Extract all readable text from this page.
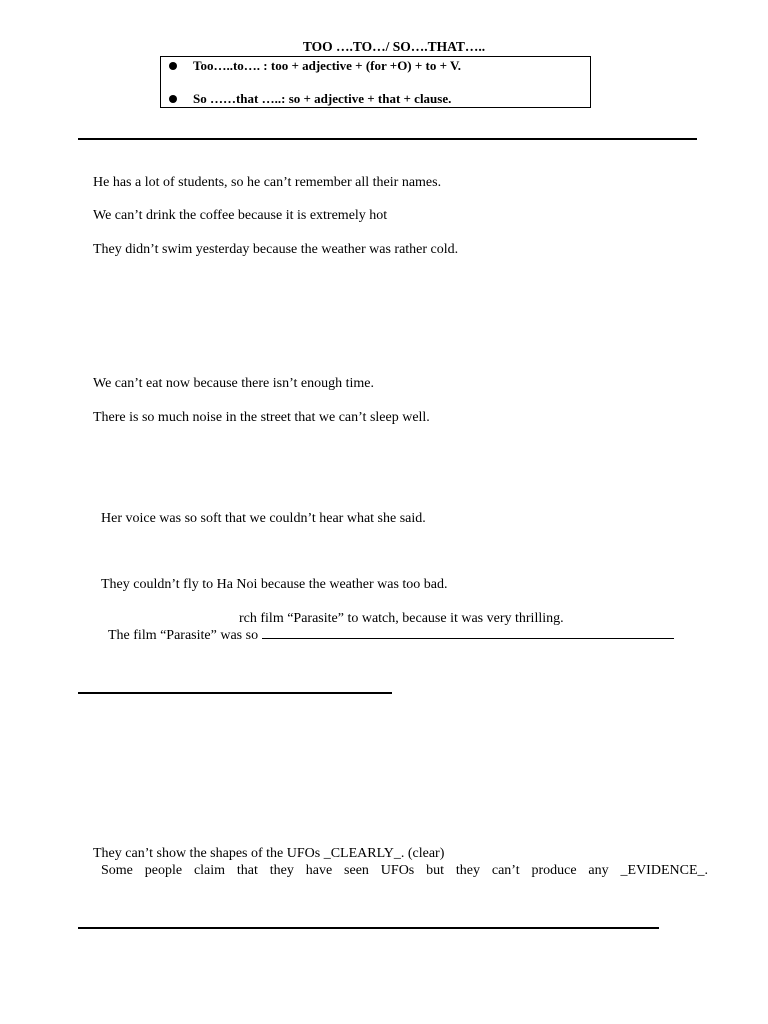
TOO ….TO…/ SO….THAT…..
Too…..to…. : too + adjective + (for +O) + to + V.
So ……that …..: so + adjective + that + clause.
He has a lot of students, so he can’t remember all their names.
We can’t drink the coffee because it is extremely hot
They didn’t swim yesterday because the weather was rather cold.
We can’t eat now because there isn’t enough time.
There is so much noise in the street that we can’t sleep well.
Her voice was so soft that we couldn’t hear what she said.
They couldn’t fly to Ha Noi because the weather was too bad.
rch film “Parasite” to watch, because it was very thrilling.
The film “Parasite” was so
They can’t show the shapes of the UFOs _CLEARLY_. (clear)
Some people claim that they have seen UFOs but they can’t produce any _EVIDENCE_.
